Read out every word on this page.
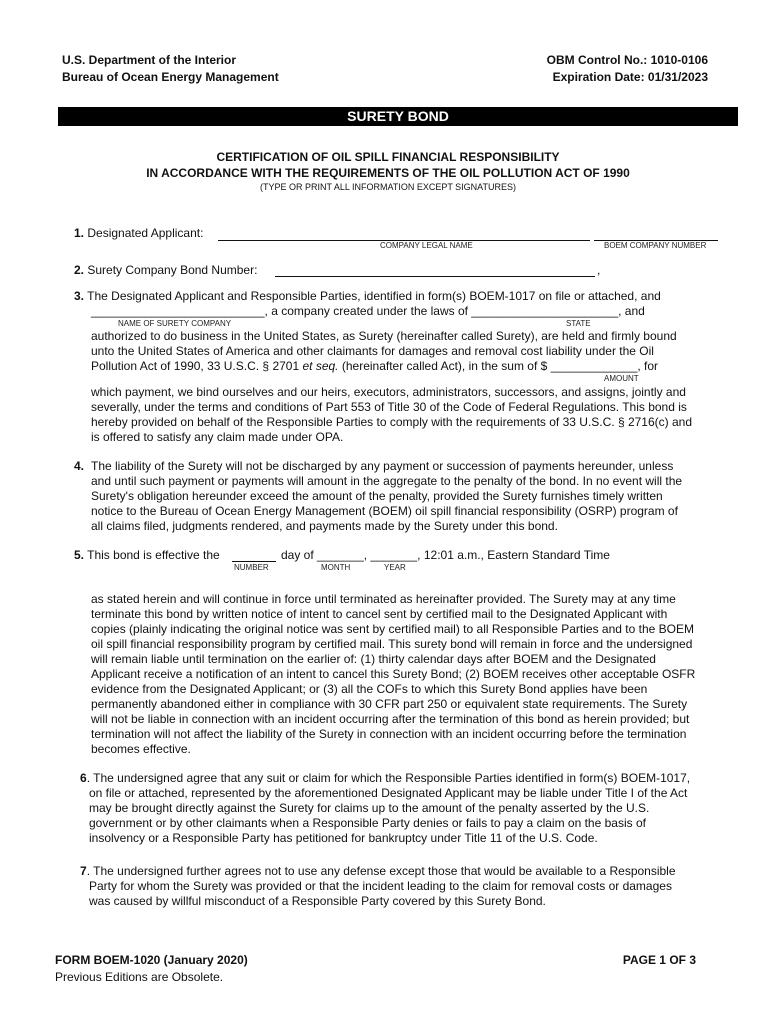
U.S. Department of the Interior
Bureau of Ocean Energy Management
OBM Control No.: 1010-0106
Expiration Date: 01/31/2023
SURETY BOND
CERTIFICATION OF OIL SPILL FINANCIAL RESPONSIBILITY
IN ACCORDANCE WITH THE REQUIREMENTS OF THE OIL POLLUTION ACT OF 1990
(TYPE OR PRINT ALL INFORMATION EXCEPT SIGNATURES)
1. Designated Applicant:
COMPANY LEGAL NAME	BOEM COMPANY NUMBER
2. Surety Company Bond Number:	,
3. The Designated Applicant and Responsible Parties, identified in form(s) BOEM-1017 on file or attached, and
__________________________, a company created under the laws of ______________________, and
NAME OF SURETY COMPANY	STATE
authorized to do business in the United States, as Surety (hereinafter called Surety), are held and firmly bound
unto the United States of America and other claimants for damages and removal cost liability under the Oil
Pollution Act of 1990, 33 U.S.C. § 2701 et seq. (hereinafter called Act), in the sum of $ _____________, for
AMOUNT
which payment, we bind ourselves and our heirs, executors, administrators, successors, and assigns, jointly and
severally, under the terms and conditions of Part 553 of Title 30 of the Code of Federal Regulations. This bond is
hereby provided on behalf of the Responsible Parties to comply with the requirements of 33 U.S.C. § 2716(c) and
is offered to satisfy any claim made under OPA.
4. The liability of the Surety will not be discharged by any payment or succession of payments hereunder, unless
and until such payment or payments will amount in the aggregate to the penalty of the bond. In no event will the
Surety's obligation hereunder exceed the amount of the penalty, provided the Surety furnishes timely written
notice to the Bureau of Ocean Energy Management (BOEM) oil spill financial responsibility (OSRP) program of
all claims filed, judgments rendered, and payments made by the Surety under this bond.
5. This bond is effective the	day of _______, _______, 12:01 a.m., Eastern Standard Time
NUMBER	MONTH	YEAR
as stated herein and will continue in force until terminated as hereinafter provided. The Surety may at any time
terminate this bond by written notice of intent to cancel sent by certified mail to the Designated Applicant with
copies (plainly indicating the original notice was sent by certified mail) to all Responsible Parties and to the BOEM
oil spill financial responsibility program by certified mail. This surety bond will remain in force and the undersigned
will remain liable until termination on the earlier of: (1) thirty calendar days after BOEM and the Designated
Applicant receive a notification of an intent to cancel this Surety Bond; (2) BOEM receives other acceptable OSFR
evidence from the Designated Applicant; or (3) all the COFs to which this Surety Bond applies have been
permanently abandoned either in compliance with 30 CFR part 250 or equivalent state requirements. The Surety
will not be liable in connection with an incident occurring after the termination of this bond as herein provided; but
termination will not affect the liability of the Surety in connection with an incident occurring before the termination
becomes effective.
6. The undersigned agree that any suit or claim for which the Responsible Parties identified in form(s) BOEM-1017,
on file or attached, represented by the aforementioned Designated Applicant may be liable under Title I of the Act
may be brought directly against the Surety for claims up to the amount of the penalty asserted by the U.S.
government or by other claimants when a Responsible Party denies or fails to pay a claim on the basis of
insolvency or a Responsible Party has petitioned for bankruptcy under Title 11 of the U.S. Code.
7. The undersigned further agrees not to use any defense except those that would be available to a Responsible
Party for whom the Surety was provided or that the incident leading to the claim for removal costs or damages
was caused by willful misconduct of a Responsible Party covered by this Surety Bond.
FORM BOEM-1020 (January 2020)
Previous Editions are Obsolete.
PAGE 1 OF 3
